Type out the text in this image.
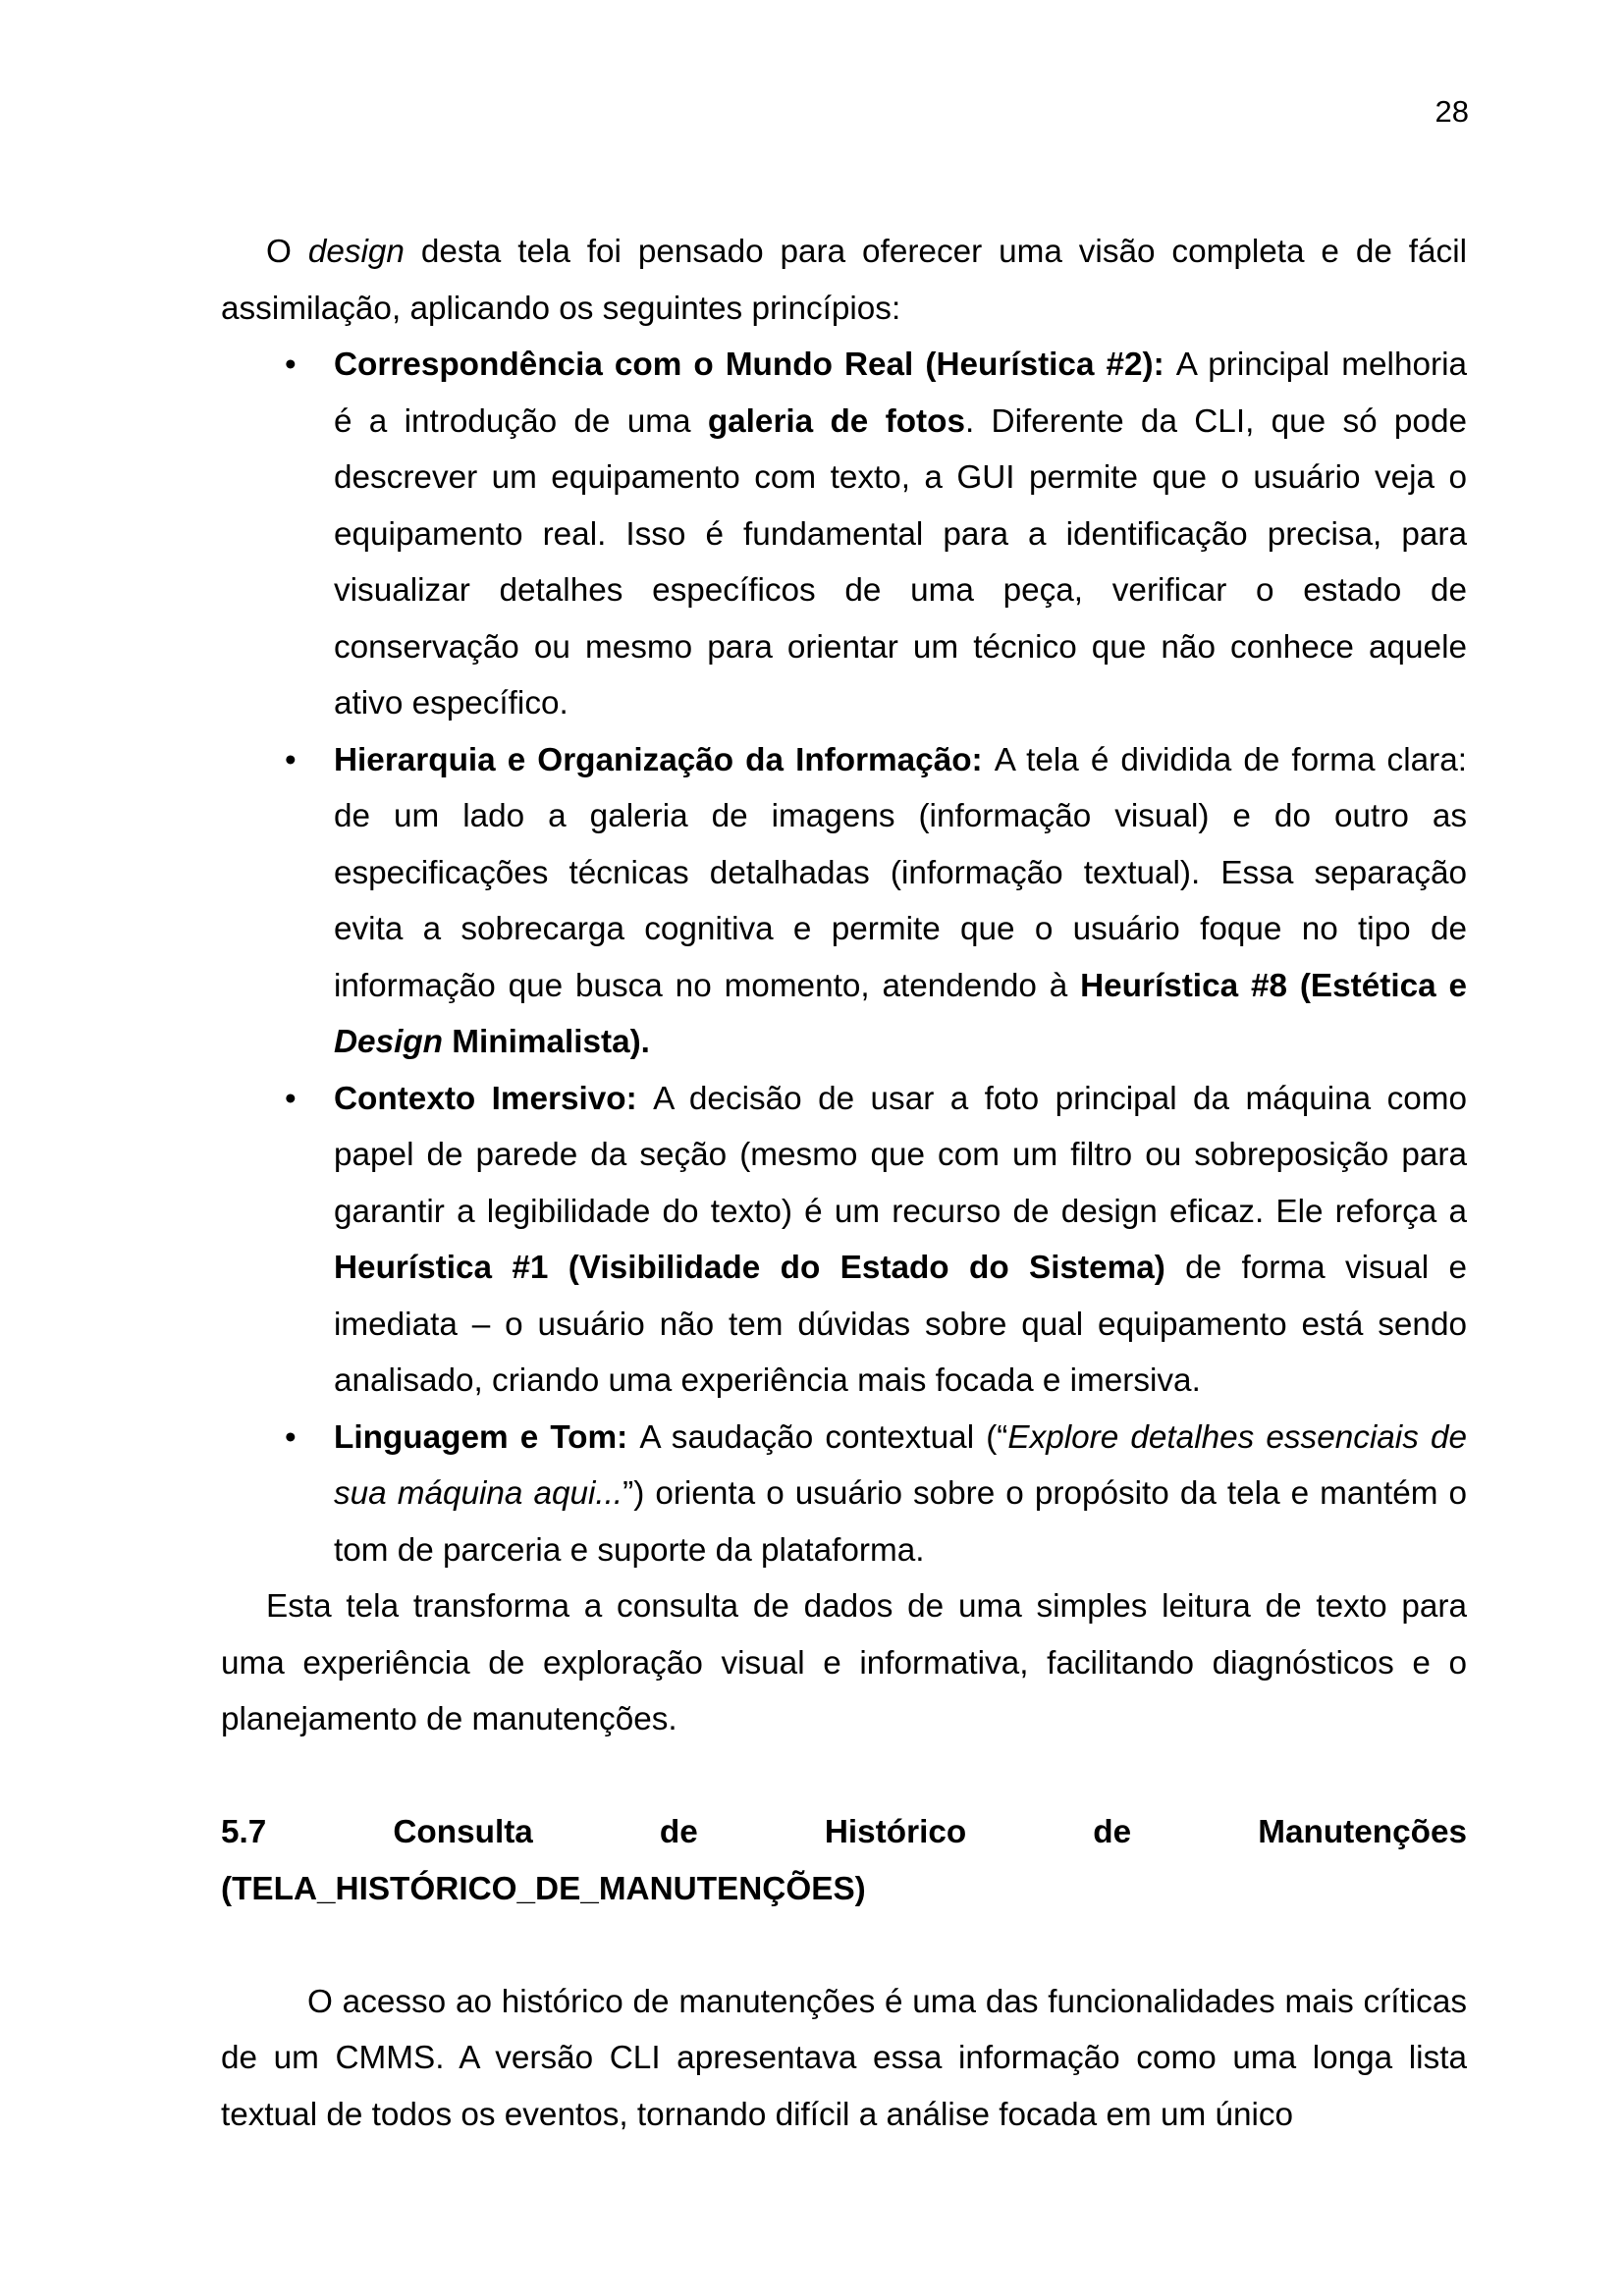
28

O design desta tela foi pensado para oferecer uma visão completa e de fácil assimilação, aplicando os seguintes princípios:

• Correspondência com o Mundo Real (Heurística #2): A principal melhoria é a introdução de uma galeria de fotos. Diferente da CLI, que só pode descrever um equipamento com texto, a GUI permite que o usuário veja o equipamento real. Isso é fundamental para a identificação precisa, para visualizar detalhes específicos de uma peça, verificar o estado de conservação ou mesmo para orientar um técnico que não conhece aquele ativo específico.
• Hierarquia e Organização da Informação: A tela é dividida de forma clara: de um lado a galeria de imagens (informação visual) e do outro as especificações técnicas detalhadas (informação textual). Essa separação evita a sobrecarga cognitiva e permite que o usuário foque no tipo de informação que busca no momento, atendendo à Heurística #8 (Estética e Design Minimalista).
• Contexto Imersivo: A decisão de usar a foto principal da máquina como papel de parede da seção (mesmo que com um filtro ou sobreposição para garantir a legibilidade do texto) é um recurso de design eficaz. Ele reforça a Heurística #1 (Visibilidade do Estado do Sistema) de forma visual e imediata – o usuário não tem dúvidas sobre qual equipamento está sendo analisado, criando uma experiência mais focada e imersiva.
• Linguagem e Tom: A saudação contextual (“Explore detalhes essenciais de sua máquina aqui...”) orienta o usuário sobre o propósito da tela e mantém o tom de parceria e suporte da plataforma.

Esta tela transforma a consulta de dados de uma simples leitura de texto para uma experiência de exploração visual e informativa, facilitando diagnósticos e o planejamento de manutenções.

5.7 Consulta de Histórico de Manutenções (TELA_HISTÓRICO_DE_MANUTENÇÕES)

O acesso ao histórico de manutenções é uma das funcionalidades mais críticas de um CMMS. A versão CLI apresentava essa informação como uma longa lista textual de todos os eventos, tornando difícil a análise focada em um único
